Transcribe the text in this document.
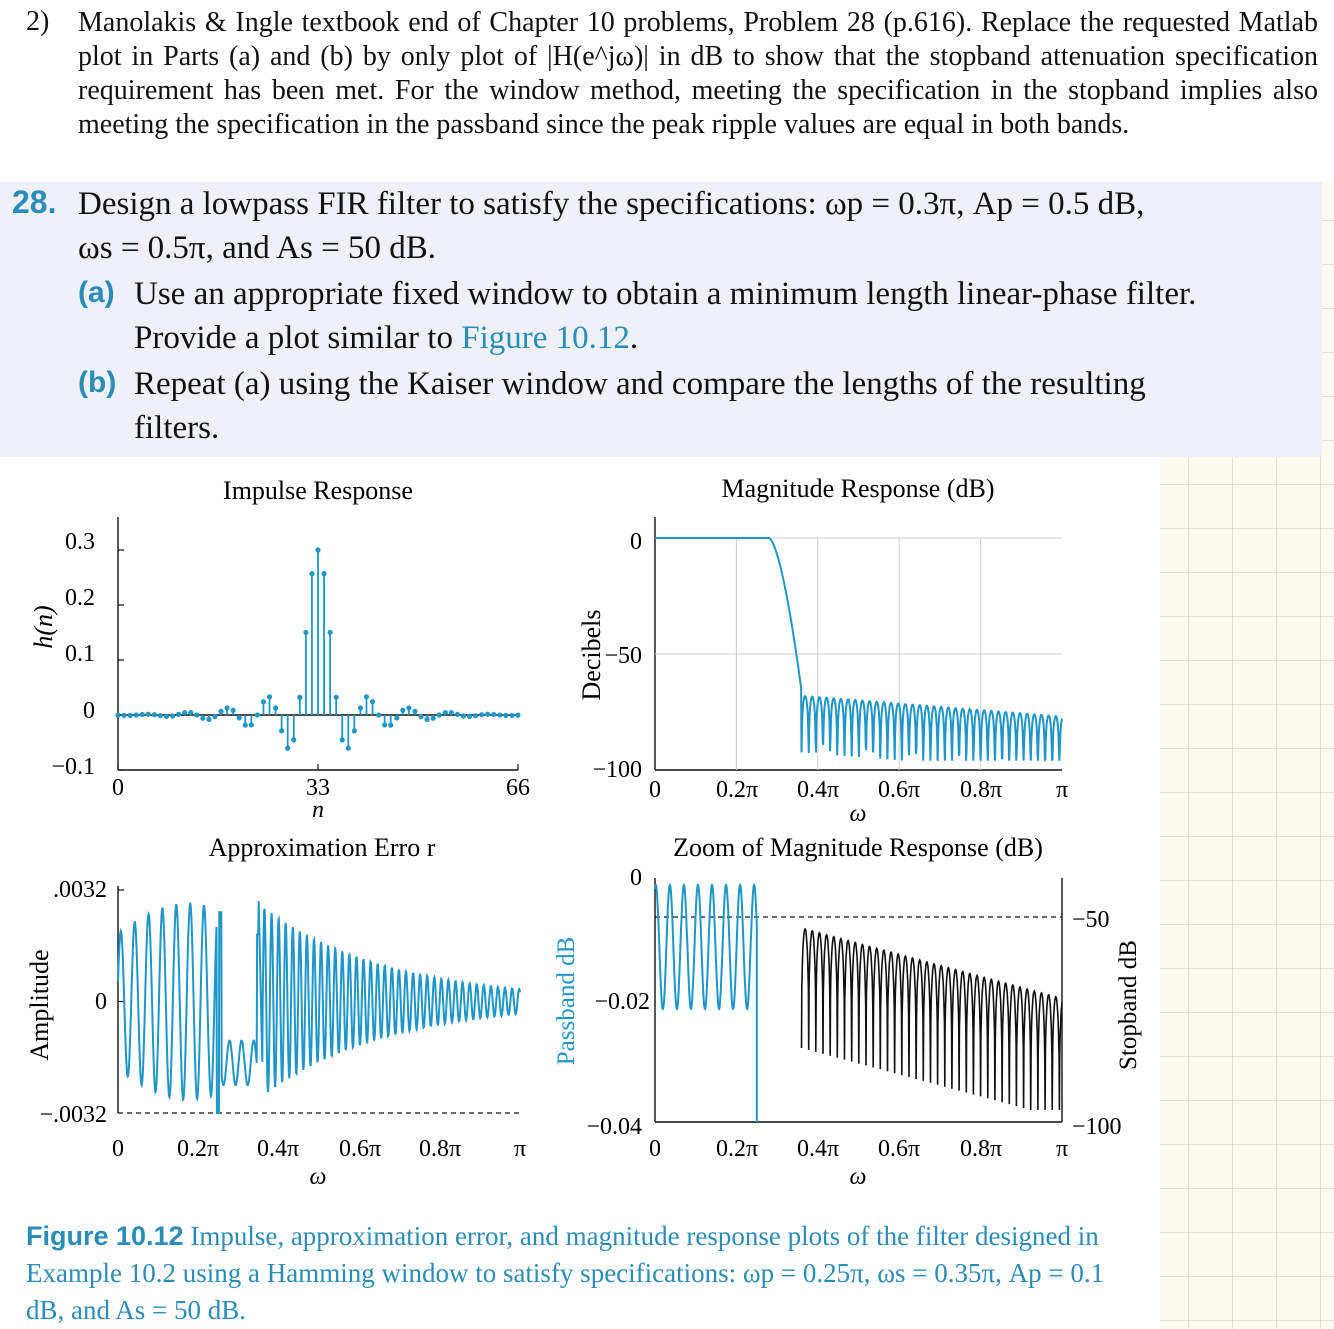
2) Manolakis & Ingle textbook end of Chapter 10 problems, Problem 28 (p.616). Replace the requested Matlab plot in Parts (a) and (b) by only plot of |H(e^jω)| in dB to show that the stopband attenuation specification requirement has been met. For the window method, meeting the specification in the stopband implies also meeting the specification in the passband since the peak ripple values are equal in both bands.
28. Design a lowpass FIR filter to satisfy the specifications: ωp = 0.3π, Ap = 0.5 dB,
ωs = 0.5π, and As = 50 dB.
(a) Use an appropriate fixed window to obtain a minimum length linear-phase filter.
Provide a plot similar to Figure 10.12.
(b) Repeat (a) using the Kaiser window and compare the lengths of the resulting
filters.
Impulse Response
0.3
0.2
0.1
0
−0.1
0	33	66
n
h(n)
Magnitude Response (dB)
0
−50
−100
0 0.2π 0.4π 0.6π 0.8π π
ω
Decibels
Approximation Erro r
.0032
0
−.0032
0 0.2π 0.4π 0.6π 0.8π π
ω
Amplitude
Zoom of Magnitude Response (dB)
0
−0.02
−0.04
−50
−100
0 0.2π 0.4π 0.6π 0.8π π
ω
Passband dB	Stopband dB
Figure 10.12 Impulse, approximation error, and magnitude response plots of the filter designed in Example 10.2 using a Hamming window to satisfy specifications: ωp = 0.25π, ωs = 0.35π, Ap = 0.1 dB, and As = 50 dB.
